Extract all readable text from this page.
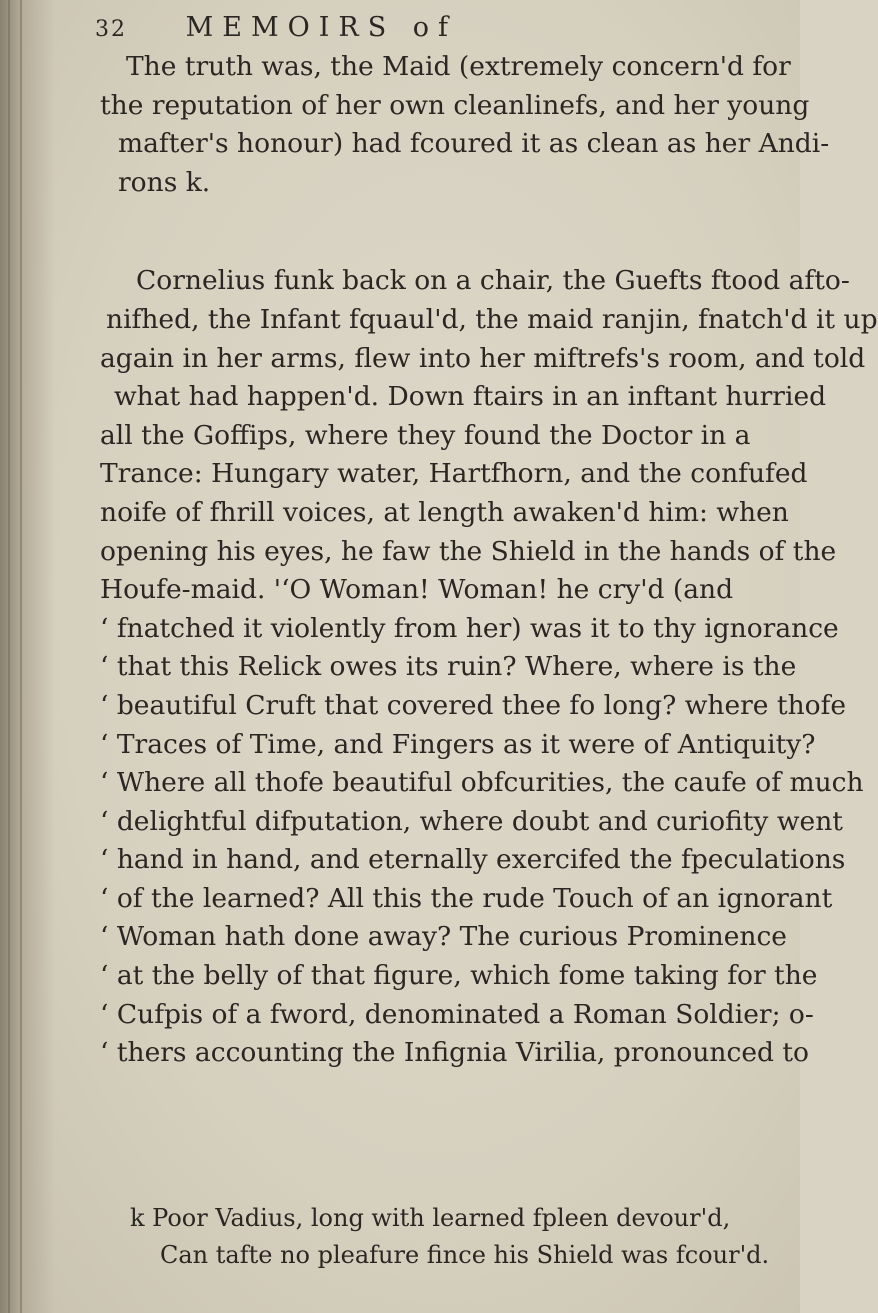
32 MEMOIRS of
The truth was, the Maid (extremely concern'd for
the reputation of her own cleanlinefs, and her young
mafter's honour) had fcoured it as clean as her Andi-
rons k.
Cornelius funk back on a chair, the Guefts ftood afto-
nifhed, the Infant fquaul'd, the maid ranjin, fnatch'd it up
again in her arms, flew into her miftrefs's room, and told
what had happen'd. Down ftairs in an inftant hurried
all the Goffips, where they found the Doctor in a
Trance: Hungary water, Hartfhorn, and the confufed
noife of fhrill voices, at length awaken'd him: when
opening his eyes, he faw the Shield in the hands of the
Houfe-maid. '‘O Woman! Woman! he cry'd (and
‘ fnatched it violently from her) was it to thy ignorance
‘ that this Relick owes its ruin? Where, where is the
‘ beautiful Cruft that covered thee fo long? where thofe
‘ Traces of Time, and Fingers as it were of Antiquity?
‘ Where all thofe beautiful obfcurities, the caufe of much
‘ delightful difputation, where doubt and curiofity went
‘ hand in hand, and eternally exercifed the fpeculations
‘ of the learned? All this the rude Touch of an ignorant
‘ Woman hath done away? The curious Prominence
‘ at the belly of that figure, which fome taking for the
‘ Cufpis of a fword, denominated a Roman Soldier; o-
‘ thers accounting the Infignia Virilia, pronounced to
k Poor Vadius, long with learned fpleen devour'd,
Can tafte no pleafure fince his Shield was fcour'd.
